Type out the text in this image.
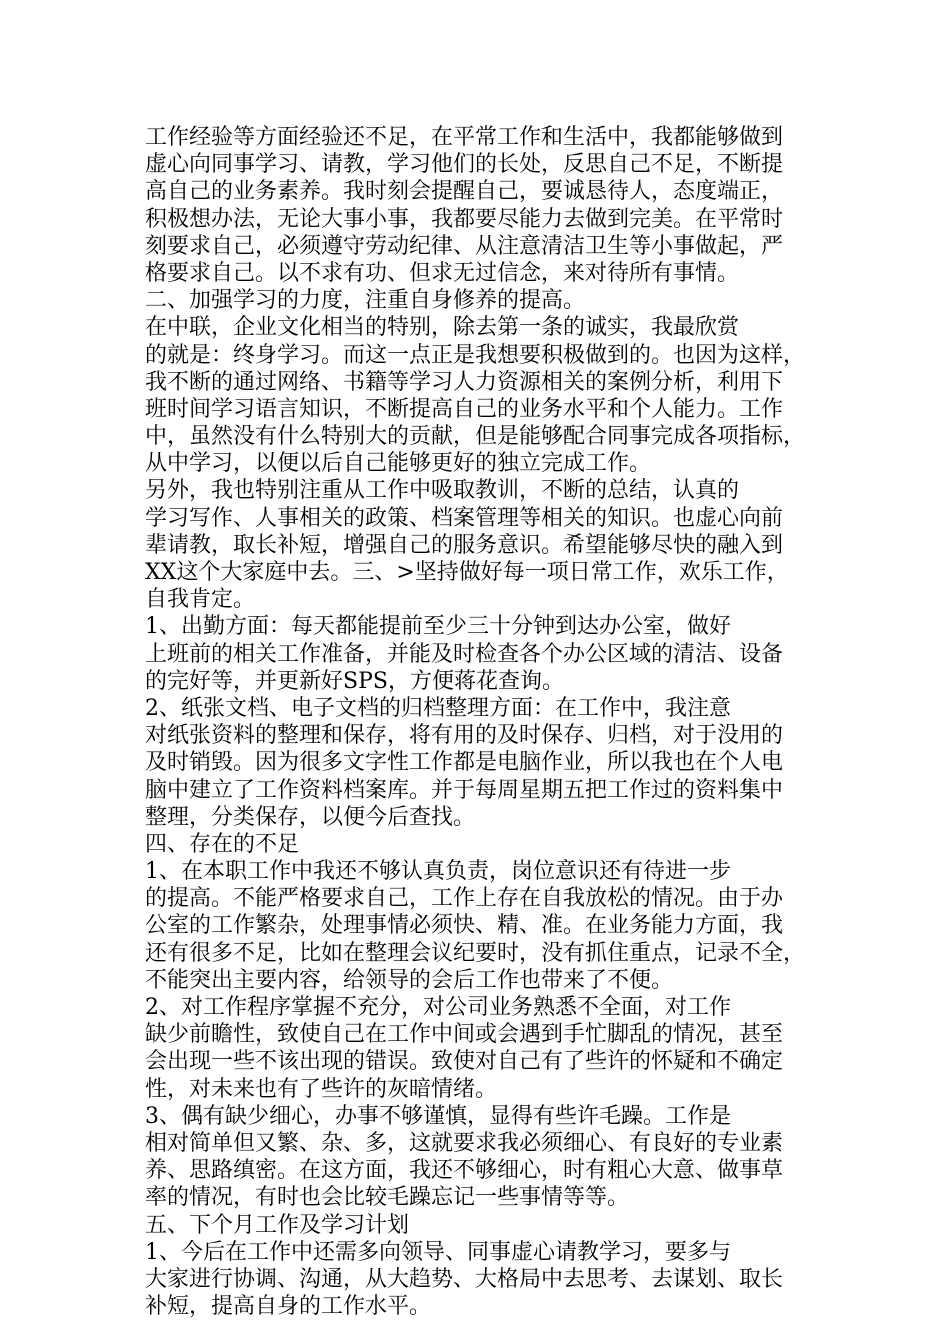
工作经验等方面经验还不足，在平常工作和生活中，我都能够做到
虚心向同事学习、请教，学习他们的长处，反思自己不足，不断提
高自己的业务素养。我时刻会提醒自己，要诚恳待人，态度端正，
积极想办法，无论大事小事，我都要尽能力去做到完美。在平常时
刻要求自己，必须遵守劳动纪律、从注意清洁卫生等小事做起，严
格要求自己。以不求有功、但求无过信念，来对待所有事情。
二、加强学习的力度，注重自身修养的提高。
在中联，企业文化相当的特别，除去第一条的诚实，我最欣赏
的就是：终身学习。而这一点正是我想要积极做到的。也因为这样，
我不断的通过网络、书籍等学习人力资源相关的案例分析，利用下
班时间学习语言知识，不断提高自己的业务水平和个人能力。工作
中，虽然没有什么特别大的贡献，但是能够配合同事完成各项指标，
从中学习，以便以后自己能够更好的独立完成工作。
另外，我也特别注重从工作中吸取教训，不断的总结，认真的
学习写作、人事相关的政策、档案管理等相关的知识。也虚心向前
辈请教，取长补短，增强自己的服务意识。希望能够尽快的融入到
XX这个大家庭中去。三、>坚持做好每一项日常工作，欢乐工作，
自我肯定。
1、出勤方面：每天都能提前至少三十分钟到达办公室，做好
上班前的相关工作准备，并能及时检查各个办公区域的清洁、设备
的完好等，并更新好SPS，方便蒋花查询。
2、纸张文档、电子文档的归档整理方面：在工作中，我注意
对纸张资料的整理和保存，将有用的及时保存、归档，对于没用的
及时销毁。因为很多文字性工作都是电脑作业，所以我也在个人电
脑中建立了工作资料档案库。并于每周星期五把工作过的资料集中
整理，分类保存，以便今后查找。
四、存在的不足
1、在本职工作中我还不够认真负责，岗位意识还有待进一步
的提高。不能严格要求自己，工作上存在自我放松的情况。由于办
公室的工作繁杂，处理事情必须快、精、准。在业务能力方面，我
还有很多不足，比如在整理会议纪要时，没有抓住重点，记录不全，
不能突出主要内容，给领导的会后工作也带来了不便。
2、对工作程序掌握不充分，对公司业务熟悉不全面，对工作
缺少前瞻性，致使自己在工作中间或会遇到手忙脚乱的情况，甚至
会出现一些不该出现的错误。致使对自己有了些许的怀疑和不确定
性，对未来也有了些许的灰暗情绪。
3、偶有缺少细心，办事不够谨慎，显得有些许毛躁。工作是
相对简单但又繁、杂、多，这就要求我必须细心、有良好的专业素
养、思路缜密。在这方面，我还不够细心，时有粗心大意、做事草
率的情况，有时也会比较毛躁忘记一些事情等等。
五、下个月工作及学习计划
1、今后在工作中还需多向领导、同事虚心请教学习，要多与
大家进行协调、沟通，从大趋势、大格局中去思考、去谋划、取长
补短，提高自身的工作水平。
